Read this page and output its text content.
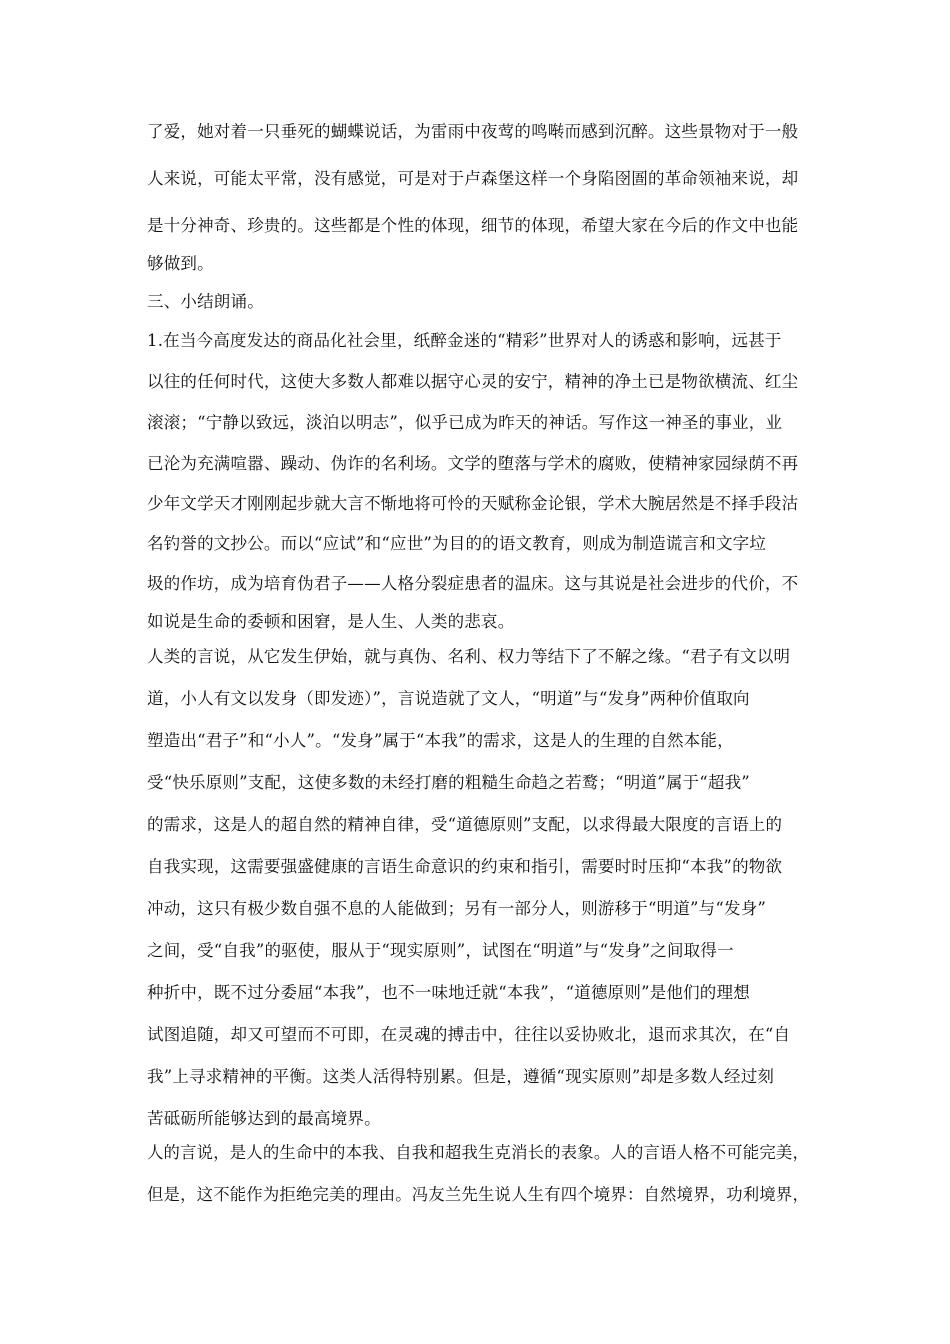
了爱，她对着一只垂死的蝴蝶说话，为雷雨中夜莺的鸣啭而感到沉醉。这些景物对于一般
人来说，可能太平常，没有感觉，可是对于卢森堡这样一个身陷囹圄的革命领袖来说，却
是十分神奇、珍贵的。这些都是个性的体现，细节的体现，希望大家在今后的作文中也能
够做到。
三、小结朗诵。
1.在当今高度发达的商品化社会里，纸醉金迷的“精彩”世界对人的诱惑和影响，远甚于
以往的任何时代，这使大多数人都难以据守心灵的安宁，精神的净土已是物欲横流、红尘
滚滚；“宁静以致远，淡泊以明志”，似乎已成为昨天的神话。写作这一神圣的事业，业
已沦为充满喧嚣、躁动、伪诈的名利场。文学的堕落与学术的腐败，使精神家园绿荫不再
少年文学天才刚刚起步就大言不惭地将可怜的天赋称金论银，学术大腕居然是不择手段沽
名钓誉的文抄公。而以“应试”和“应世”为目的的语文教育，则成为制造谎言和文字垃
圾的作坊，成为培育伪君子——人格分裂症患者的温床。这与其说是社会进步的代价，不
如说是生命的委顿和困窘，是人生、人类的悲哀。
人类的言说，从它发生伊始，就与真伪、名利、权力等结下了不解之缘。“君子有文以明
道，小人有文以发身（即发迹）”，言说造就了文人，“明道”与“发身”两种价值取向
塑造出“君子”和“小人”。“发身”属于“本我”的需求，这是人的生理的自然本能，
受“快乐原则”支配，这使多数的未经打磨的粗糙生命趋之若鹜；“明道”属于“超我”
的需求，这是人的超自然的精神自律，受“道德原则”支配，以求得最大限度的言语上的
自我实现，这需要强盛健康的言语生命意识的约束和指引，需要时时压抑“本我”的物欲
冲动，这只有极少数自强不息的人能做到；另有一部分人，则游移于“明道”与“发身”
之间，受“自我”的驱使，服从于“现实原则”，试图在“明道”与“发身”之间取得一
种折中，既不过分委屈“本我”，也不一味地迁就“本我”，“道德原则”是他们的理想
试图追随，却又可望而不可即，在灵魂的搏击中，往往以妥协败北，退而求其次，在“自
我”上寻求精神的平衡。这类人活得特别累。但是，遵循“现实原则”却是多数人经过刻
苦砥砺所能够达到的最高境界。
人的言说，是人的生命中的本我、自我和超我生克消长的表象。人的言语人格不可能完美，
但是，这不能作为拒绝完美的理由。冯友兰先生说人生有四个境界：自然境界，功利境界，
